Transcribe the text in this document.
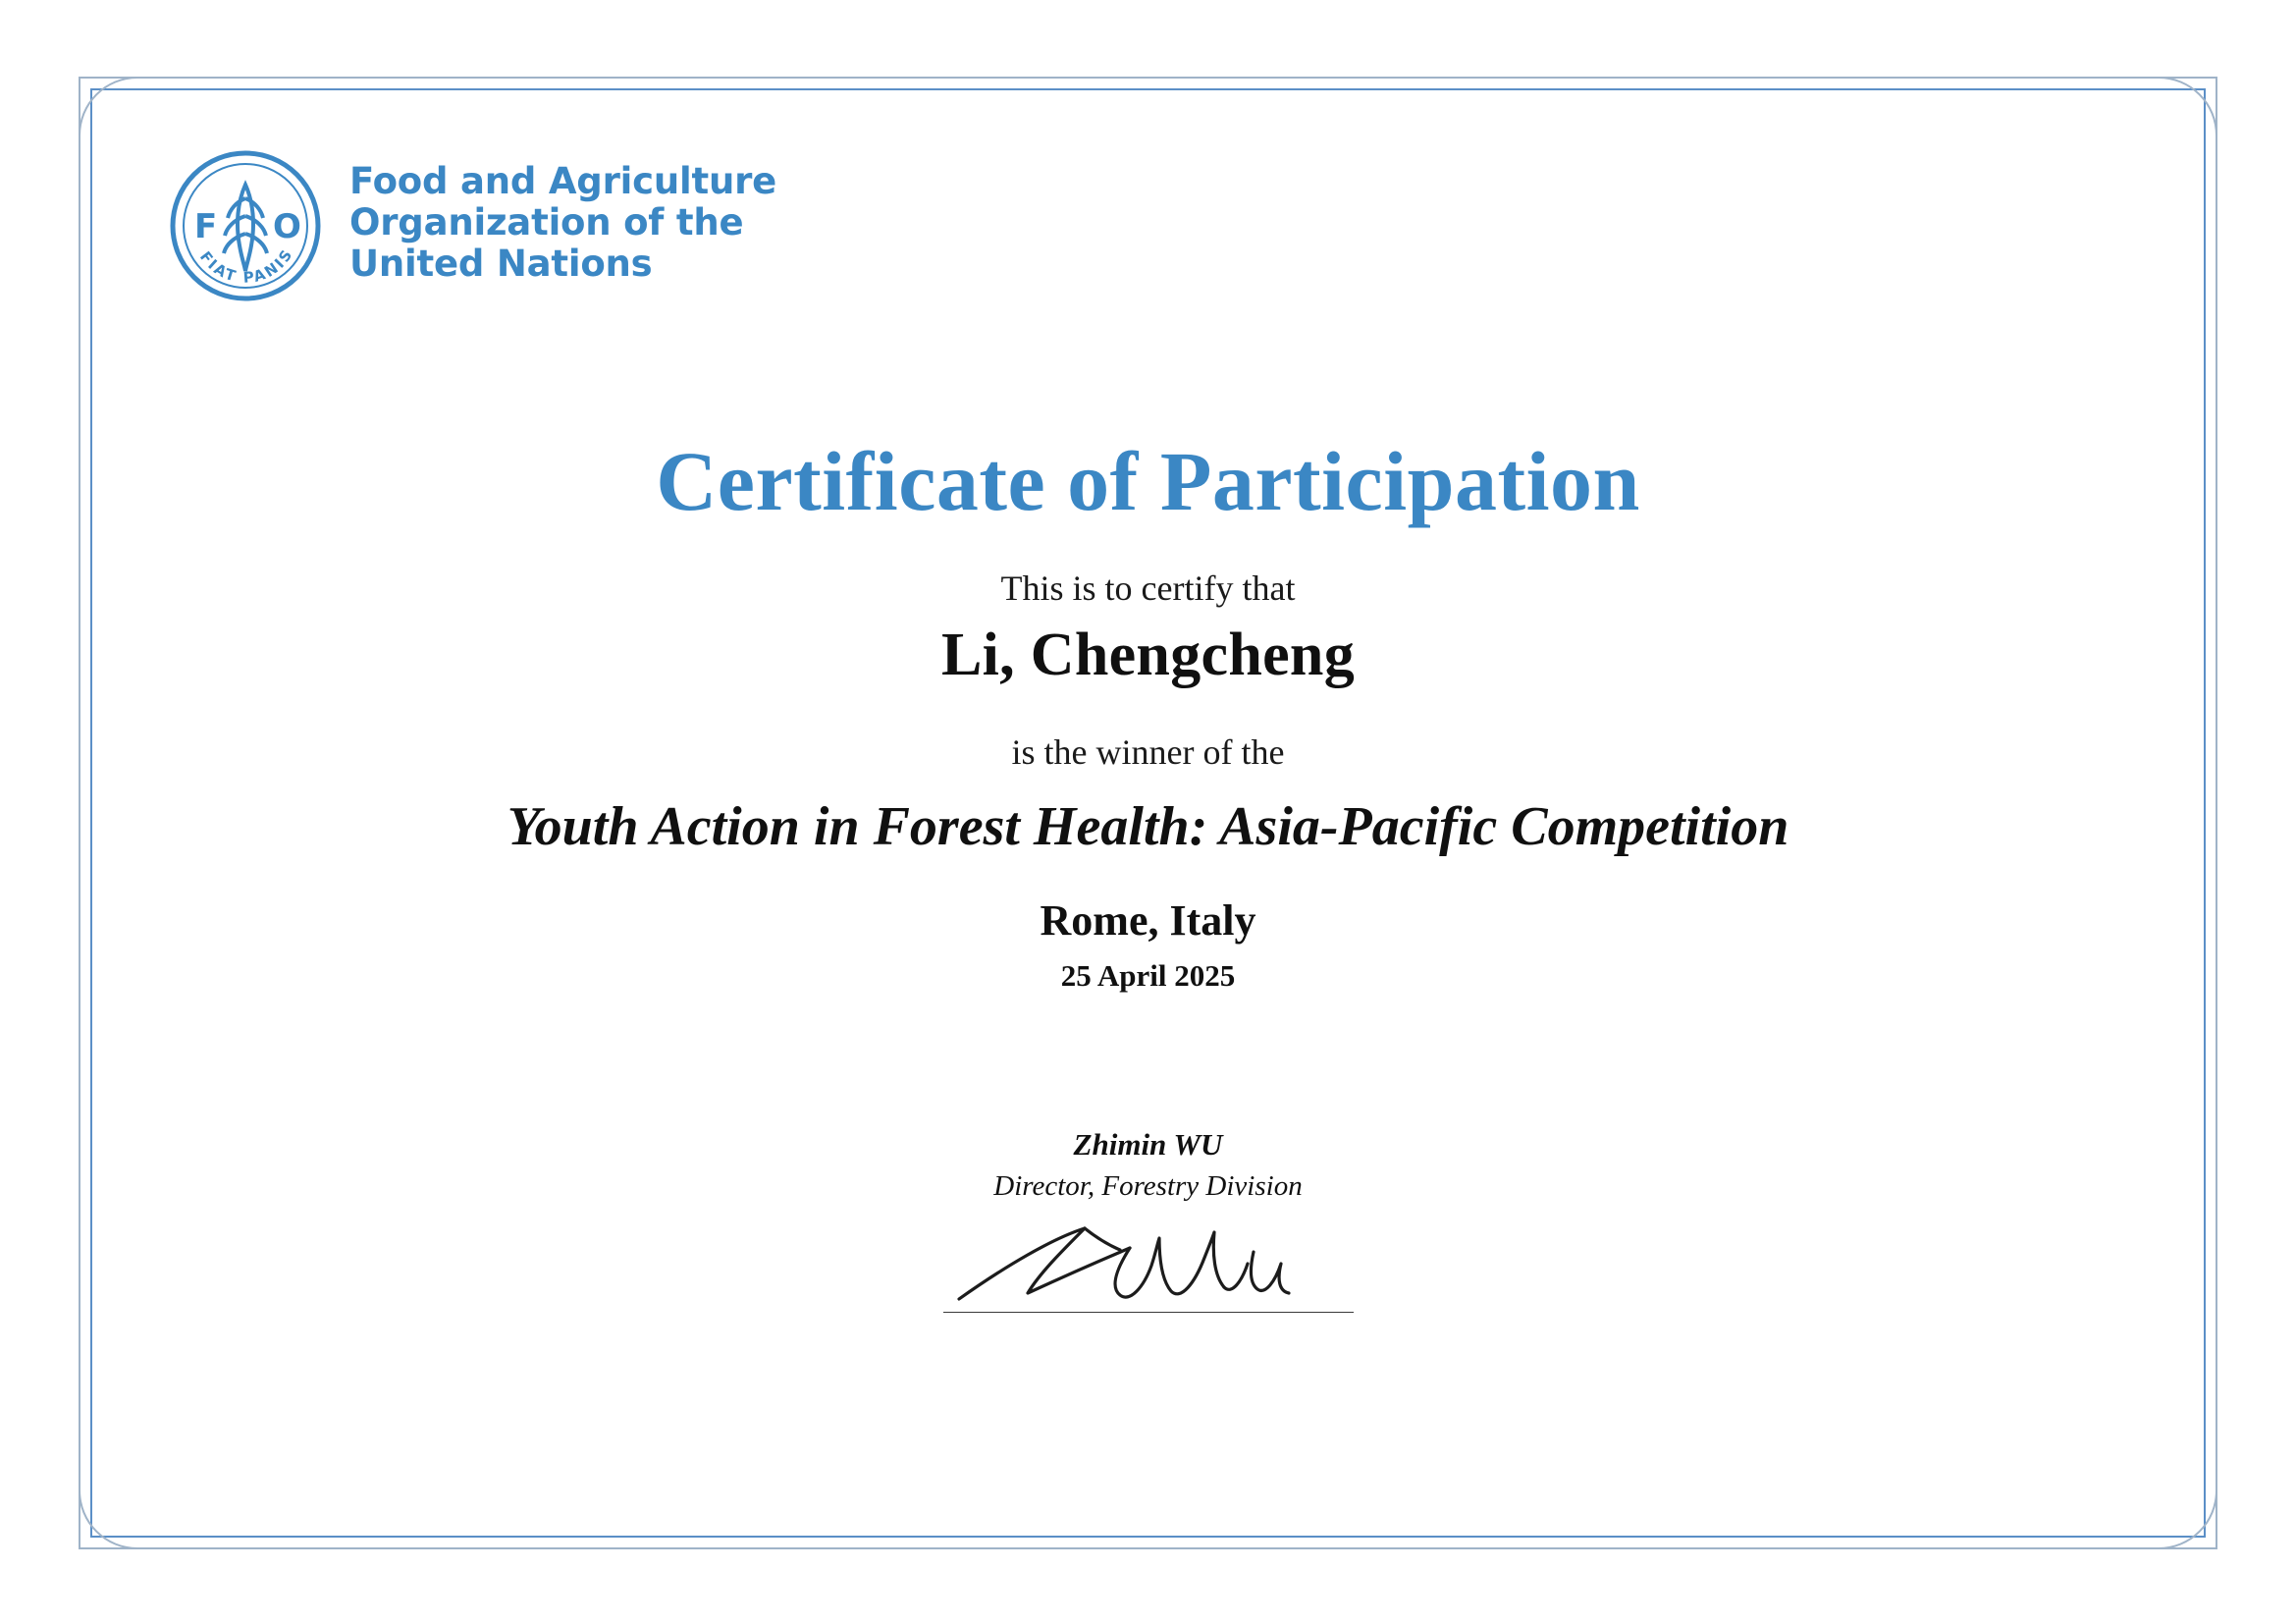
F O
FIAT PANIS
Food and Agriculture
Organization of the
United Nations
Certificate of Participation
This is to certify that
Li, Chengcheng
is the winner of the
Youth Action in Forest Health: Asia-Pacific Competition
Rome, Italy
25 April 2025
Zhimin WU
Director, Forestry Division
